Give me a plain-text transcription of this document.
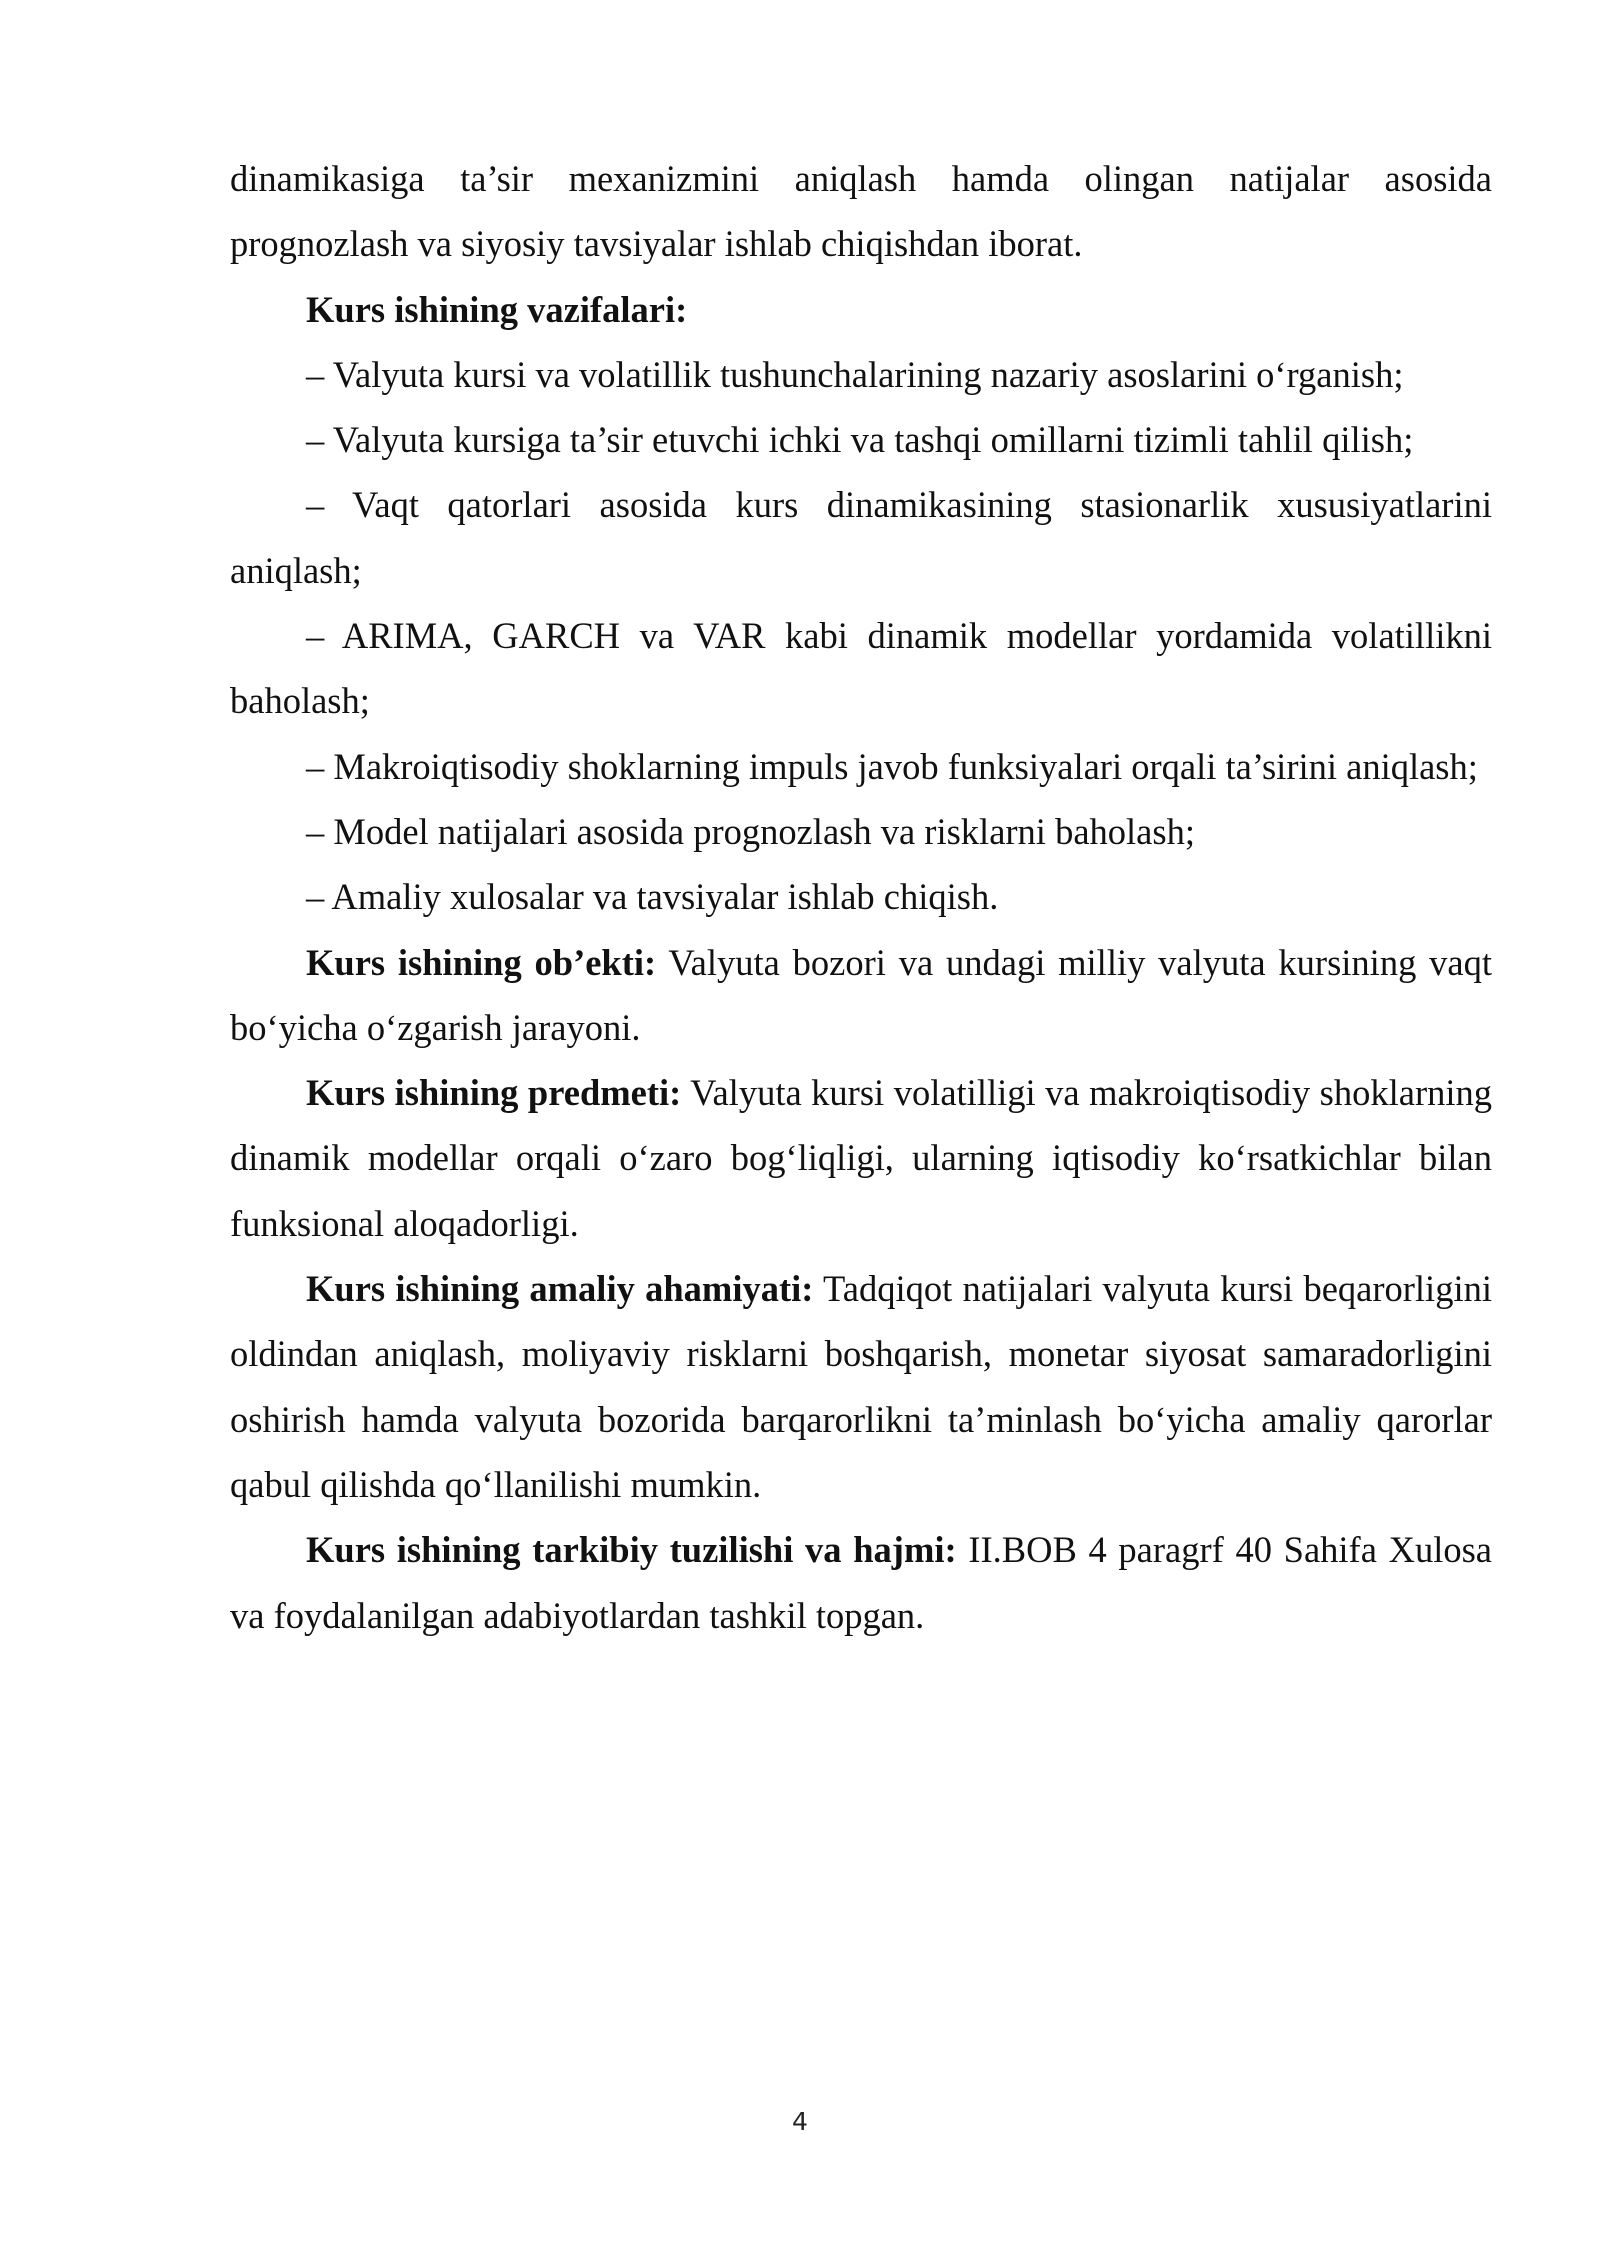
dinamikasiga ta’sir mexanizmini aniqlash hamda olingan natijalar asosida prognozlash va siyosiy tavsiyalar ishlab chiqishdan iborat.

Kurs ishining vazifalari:

– Valyuta kursi va volatillik tushunchalarining nazariy asoslarini o‘rganish;

– Valyuta kursiga ta’sir etuvchi ichki va tashqi omillarni tizimli tahlil qilish;

– Vaqt qatorlari asosida kurs dinamikasining stasionarlik xususiyatlarini aniqlash;

– ARIMA, GARCH va VAR kabi dinamik modellar yordamida volatillikni baholash;

– Makroiqtisodiy shoklarning impuls javob funksiyalari orqali ta’sirini aniqlash;

– Model natijalari asosida prognozlash va risklarni baholash;

– Amaliy xulosalar va tavsiyalar ishlab chiqish.

Kurs ishining ob’ekti: Valyuta bozori va undagi milliy valyuta kursining vaqt bo‘yicha o‘zgarish jarayoni.

Kurs ishining predmeti: Valyuta kursi volatilligi va makroiqtisodiy shoklarning dinamik modellar orqali o‘zaro bog‘liqligi, ularning iqtisodiy ko‘rsatkichlar bilan funksional aloqadorligi.

Kurs ishining amaliy ahamiyati: Tadqiqot natijalari valyuta kursi beqarorligini oldindan aniqlash, moliyaviy risklarni boshqarish, monetar siyosat samaradorligini oshirish hamda valyuta bozorida barqarorlikni ta’minlash bo‘yicha amaliy qarorlar qabul qilishda qo‘llanilishi mumkin.

Kurs ishining tarkibiy tuzilishi va hajmi: II.BOB 4 paragrf 40 Sahifa Xulosa va foydalanilgan adabiyotlardan tashkil topgan.

4
